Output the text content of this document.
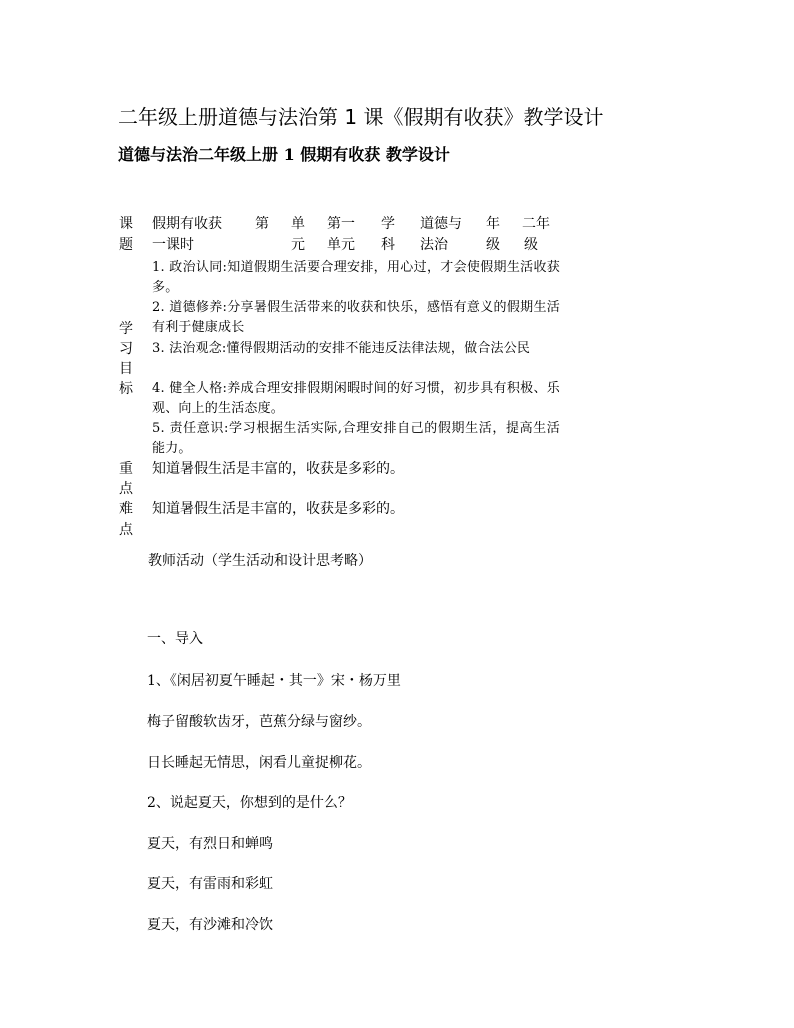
二年级上册道德与法治第 1 课《假期有收获》教学设计
道德与法治二年级上册 1 假期有收获 教学设计
课
题
假期有收获
一课时
第 单
元
第一
单元
学
科
道德与
法治
年
级
二年
级
学
习
目
标
1. 政治认同:知道假期生活要合理安排，用心过，才会使假期生活收获多。
2. 道德修养:分享暑假生活带来的收获和快乐，感悟有意义的假期生活有利于健康成长
3. 法治观念:懂得假期活动的安排不能违反法律法规，做合法公民
4. 健全人格:养成合理安排假期闲暇时间的好习惯，初步具有积极、乐观、向上的生活态度。
5. 责任意识:学习根据生活实际,合理安排自己的假期生活，提高生活能力。
重
点
知道暑假生活是丰富的，收获是多彩的。
难
点
知道暑假生活是丰富的，收获是多彩的。
教师活动（学生活动和设计思考略）
一、导入
1、《闲居初夏午睡起・其一》宋・杨万里
梅子留酸软齿牙，芭蕉分绿与窗纱。
日长睡起无情思，闲看儿童捉柳花。
2、说起夏天，你想到的是什么？
夏天，有烈日和蝉鸣
夏天，有雷雨和彩虹
夏天，有沙滩和冷饮
